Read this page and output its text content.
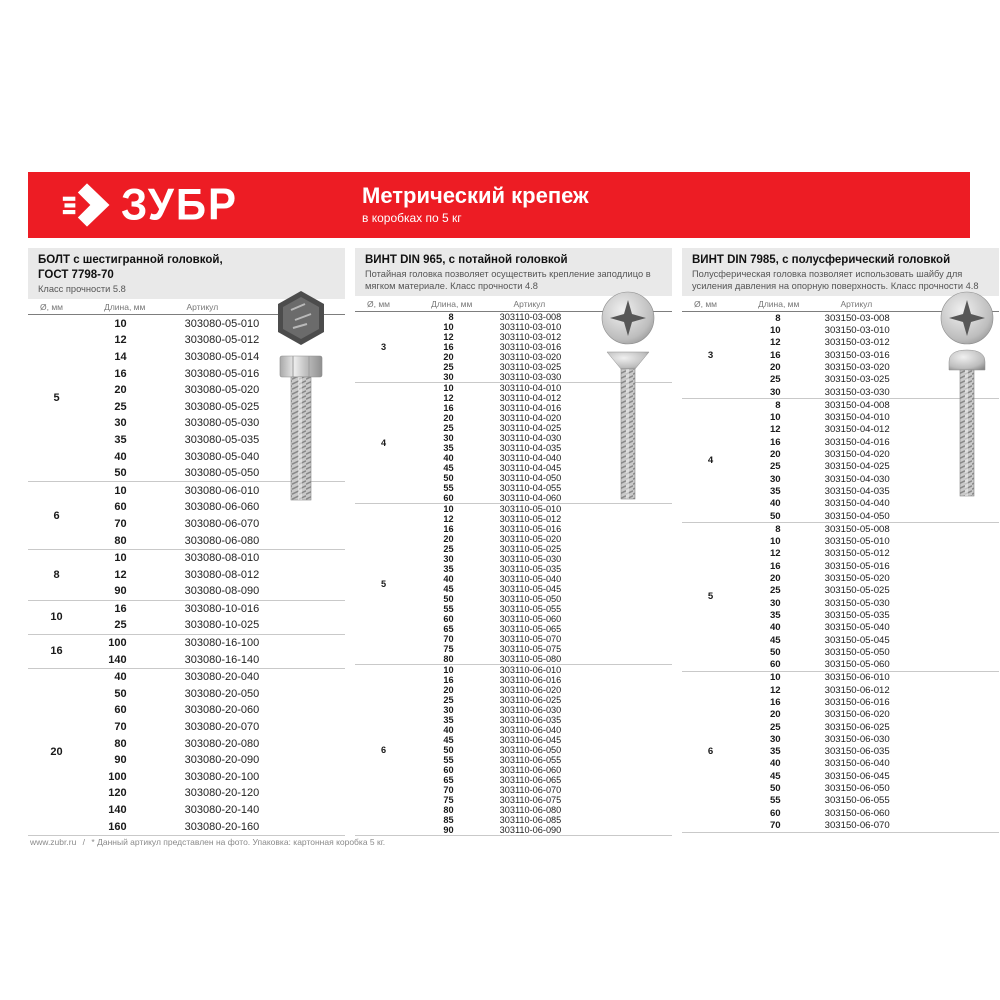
ЗУБР	Метрический крепеж
в коробках по 5 кг
БОЛТ с шестигранной головкой,
ГОСТ 7798-70
Класс прочности 5.8
Ø, мм	Длина, мм	Артикул
5
10	303080-05-010
12	303080-05-012
14	303080-05-014
16	303080-05-016
20	303080-05-020
25	303080-05-025
30	303080-05-030
35	303080-05-035
40	303080-05-040
50	303080-05-050
6
10	303080-06-010
60	303080-06-060
70	303080-06-070
80	303080-06-080
8
10	303080-08-010
12	303080-08-012
90	303080-08-090
10
16	303080-10-016
25	303080-10-025
16
100	303080-16-100
140	303080-16-140
20
40	303080-20-040
50	303080-20-050
60	303080-20-060
70	303080-20-070
80	303080-20-080
90	303080-20-090
100	303080-20-100
120	303080-20-120
140	303080-20-140
160	303080-20-160
ВИНТ DIN 965, с потайной головкой
Потайная головка позволяет осуществить крепление заподлицо в мягком материале. Класс прочности 4.8
Ø, мм	Длина, мм	Артикул
3
8	303110-03-008
10	303110-03-010
12	303110-03-012
16	303110-03-016
20	303110-03-020
25	303110-03-025
30	303110-03-030
4
10	303110-04-010
12	303110-04-012
16	303110-04-016
20	303110-04-020
25	303110-04-025
30	303110-04-030
35	303110-04-035
40	303110-04-040
45	303110-04-045
50	303110-04-050
55	303110-04-055
60	303110-04-060
5
10	303110-05-010
12	303110-05-012
16	303110-05-016
20	303110-05-020
25	303110-05-025
30	303110-05-030
35	303110-05-035
40	303110-05-040
45	303110-05-045
50	303110-05-050
55	303110-05-055
60	303110-05-060
65	303110-05-065
70	303110-05-070
75	303110-05-075
80	303110-05-080
6
10	303110-06-010
16	303110-06-016
20	303110-06-020
25	303110-06-025
30	303110-06-030
35	303110-06-035
40	303110-06-040
45	303110-06-045
50	303110-06-050
55	303110-06-055
60	303110-06-060
65	303110-06-065
70	303110-06-070
75	303110-06-075
80	303110-06-080
85	303110-06-085
90	303110-06-090
ВИНТ DIN 7985, с полусферический головкой
Полусферическая головка позволяет использовать шайбу для усиления давления на опорную поверхность. Класс прочности 4.8
Ø, мм	Длина, мм	Артикул
3
8	303150-03-008
10	303150-03-010
12	303150-03-012
16	303150-03-016
20	303150-03-020
25	303150-03-025
30	303150-03-030
4
8	303150-04-008
10	303150-04-010
12	303150-04-012
16	303150-04-016
20	303150-04-020
25	303150-04-025
30	303150-04-030
35	303150-04-035
40	303150-04-040
50	303150-04-050
5
8	303150-05-008
10	303150-05-010
12	303150-05-012
16	303150-05-016
20	303150-05-020
25	303150-05-025
30	303150-05-030
35	303150-05-035
40	303150-05-040
45	303150-05-045
50	303150-05-050
60	303150-05-060
6
10	303150-06-010
12	303150-06-012
16	303150-06-016
20	303150-06-020
25	303150-06-025
30	303150-06-030
35	303150-06-035
40	303150-06-040
45	303150-06-045
50	303150-06-050
55	303150-06-055
60	303150-06-060
70	303150-06-070
www.zubr.ru / * Данный артикул представлен на фото. Упаковка: картонная коробка 5 кг.
